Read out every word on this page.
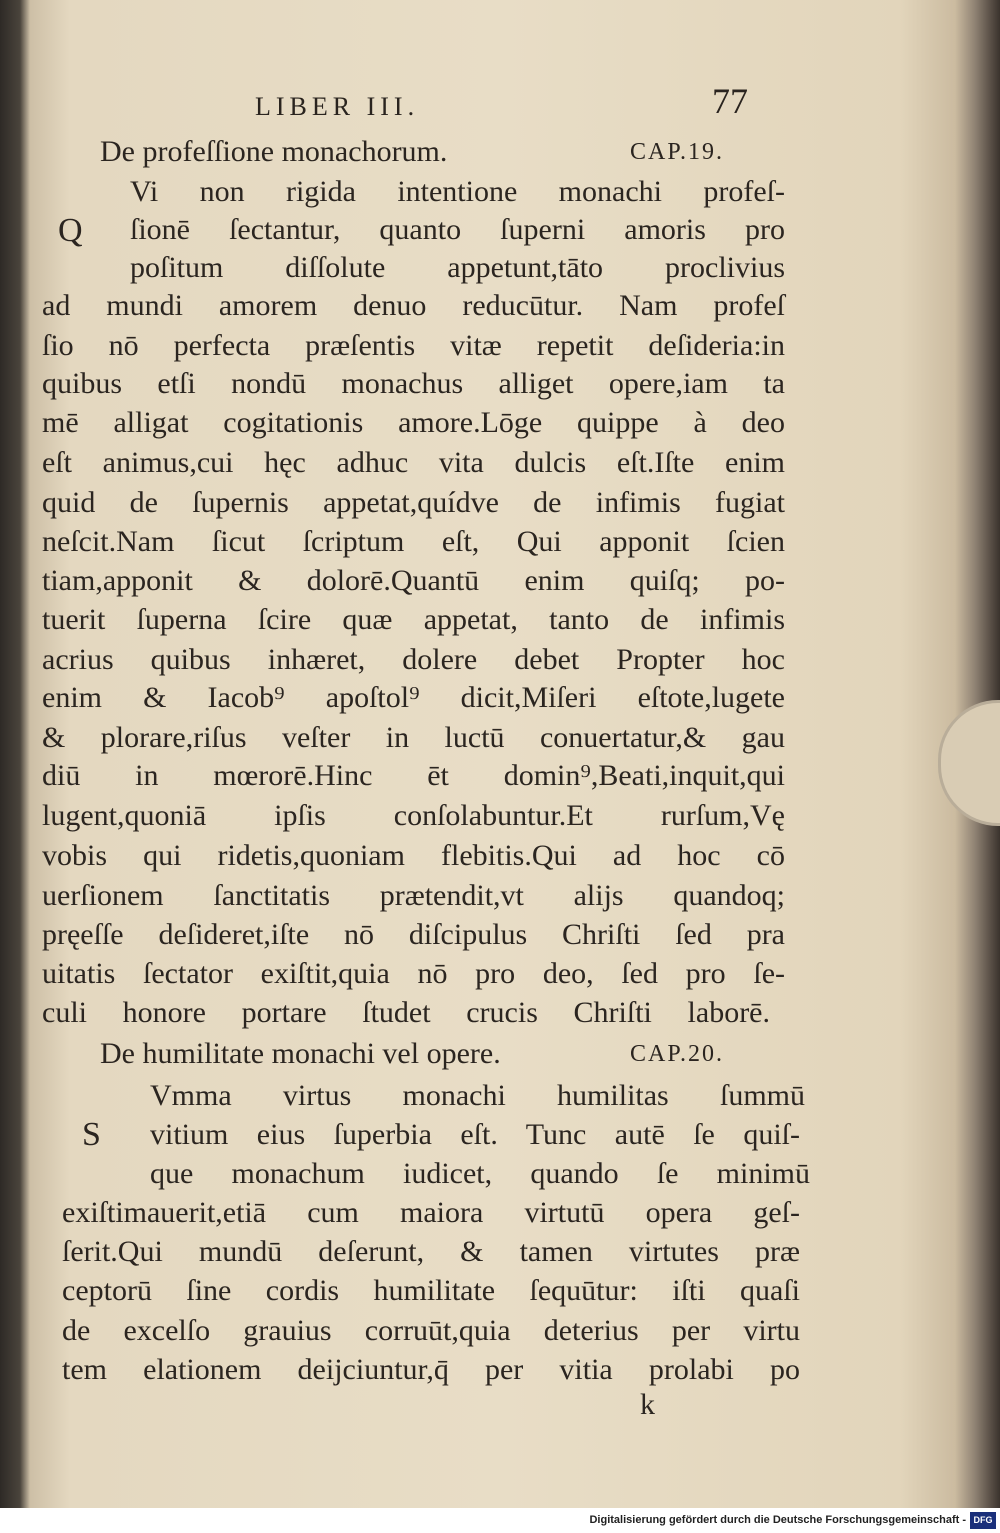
LIBER III.	77
De profeſſione monachorum.	CAP.19.
Q
Vi non rigida intentione monachi profeſ-
ſionē ſectantur, quanto ſuperni amoris pro
poſitum diſſolute appetunt,tāto proclivius
ad mundi amorem denuo reducūtur. Nam profeſ
ſio nō perfecta præſentis vitæ repetit deſideria:in
quibus etſi nondū monachus alliget opere,iam ta
mē alligat cogitationis amore.Lōge quippe à deo
eſt animus,cui hęc adhuc vita dulcis eſt.Iſte enim
quid de ſupernis appetat,quídve de infimis fugiat
neſcit.Nam ſicut ſcriptum eſt, Qui apponit ſcien
tiam,apponit & dolorē.Quantū enim quiſq; po-
tuerit ſuperna ſcire quæ appetat, tanto de infimis
acrius quibus inhæret, dolere debet Propter hoc
enim & Iacob⁹ apoſtol⁹ dicit,Miſeri eſtote,lugete
& plorare,riſus veſter in luctū conuertatur,& gau
diū in mœrorē.Hinc ēt domin⁹,Beati,inquit,qui
lugent,quoniā ipſis conſolabuntur.Et rurſum,Vę
vobis qui ridetis,quoniam flebitis.Qui ad hoc cō
uerſionem ſanctitatis prætendit,vt alijs quandoq;
pręeſſe deſideret,iſte nō diſcipulus Chriſti ſed pra
uitatis ſectator exiſtit,quia nō pro deo, ſed pro ſe-
culi honore portare ſtudet crucis Chriſti laborē.
De humilitate monachi vel opere.	CAP.20.
S
Vmma virtus monachi humilitas ſummū
vitium eius ſuperbia eſt. Tunc autē ſe quiſ-
que monachum iudicet, quando ſe minimū
exiſtimauerit,etiā cum maiora virtutū opera geſ-
ſerit.Qui mundū deſerunt, & tamen virtutes præ
ceptorū ſine cordis humilitate ſequūtur: iſti quaſi
de excelſo grauius corruūt,quia deterius per virtu
tem elationem deijciuntur,q̄ per vitia prolabi po
k
Digitalisierung gefördert durch die Deutsche Forschungsgemeinschaft - DFG
